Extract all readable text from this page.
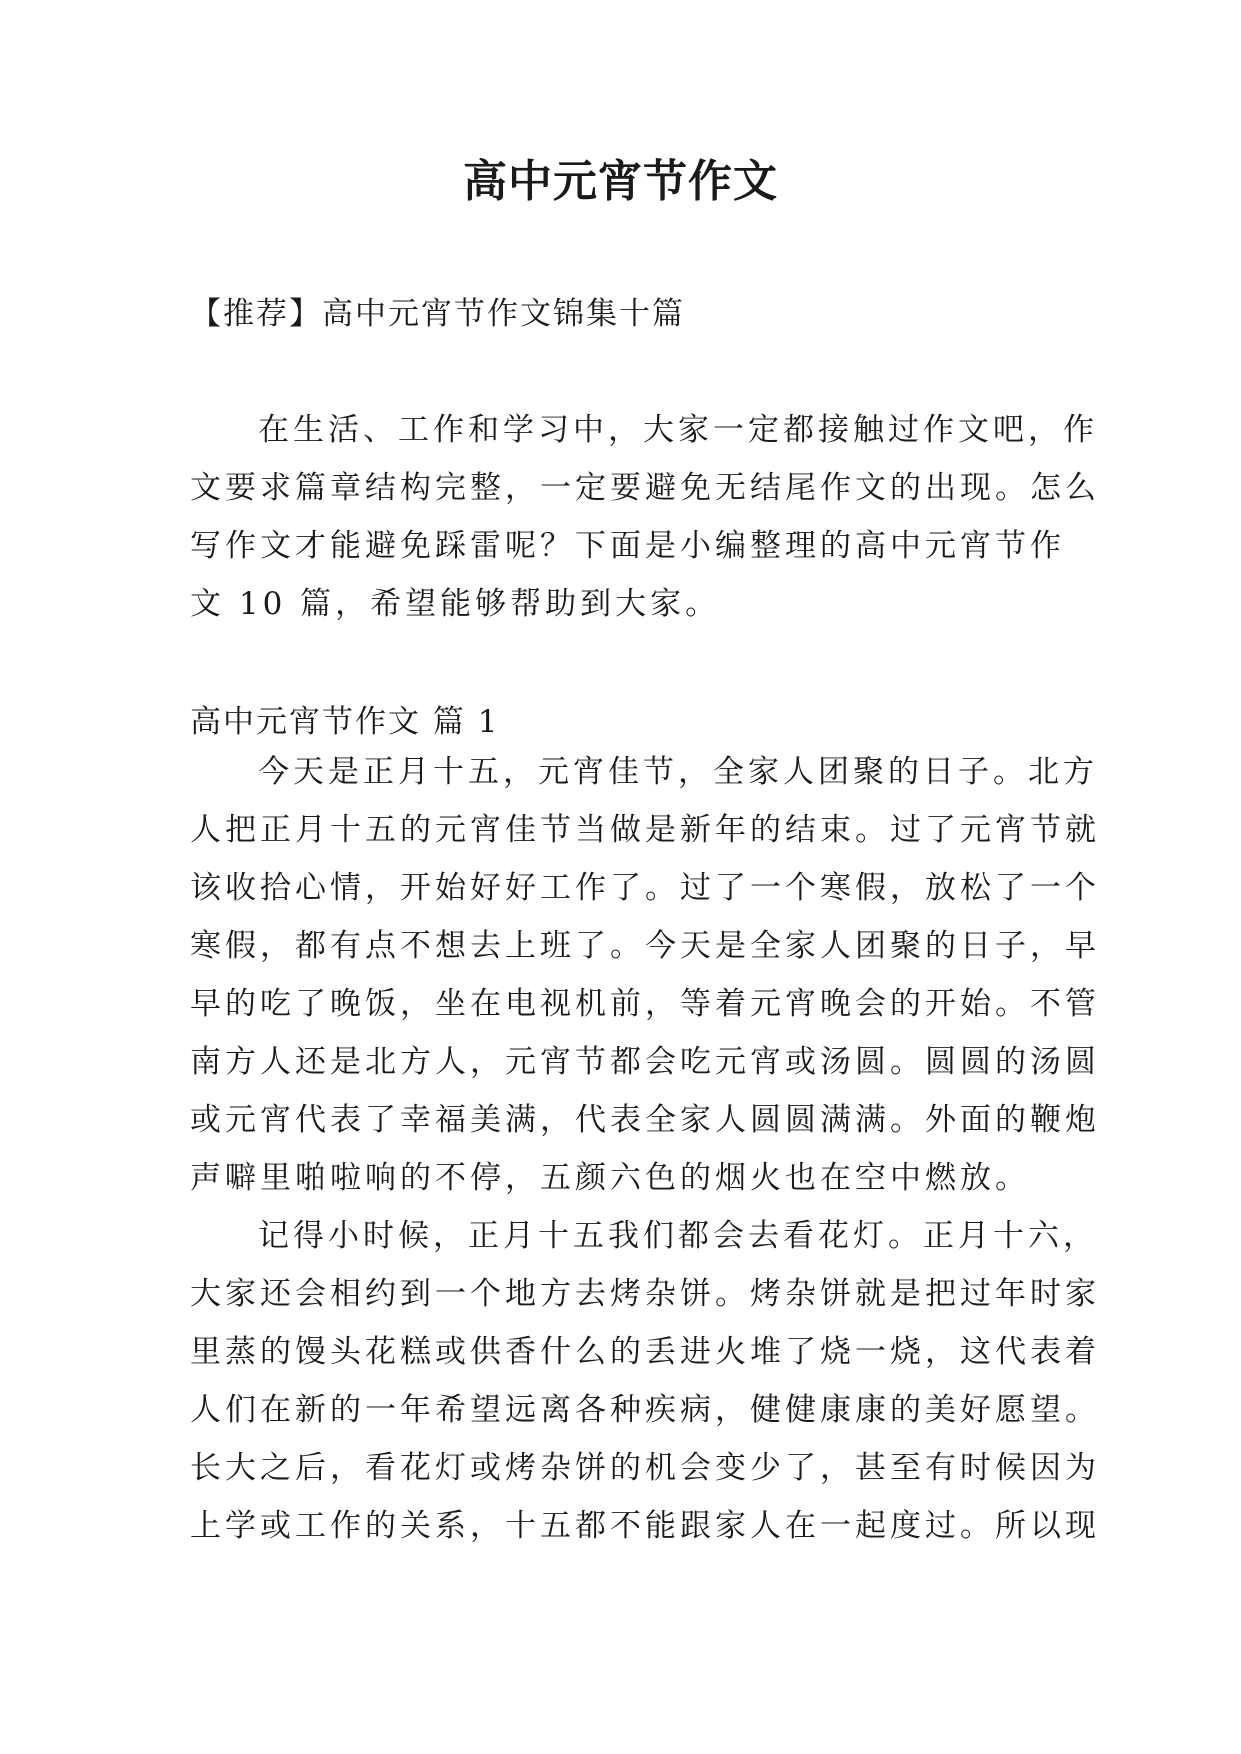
高中元宵节作文
【推荐】高中元宵节作文锦集十篇
在生活、工作和学习中，大家一定都接触过作文吧，作
文要求篇章结构完整，一定要避免无结尾作文的出现。怎么
写作文才能避免踩雷呢？下面是小编整理的高中元宵节作
文 10 篇，希望能够帮助到大家。
高中元宵节作文 篇 1
今天是正月十五，元宵佳节，全家人团聚的日子。北方
人把正月十五的元宵佳节当做是新年的结束。过了元宵节就
该收拾心情，开始好好工作了。过了一个寒假，放松了一个
寒假，都有点不想去上班了。今天是全家人团聚的日子，早
早的吃了晚饭，坐在电视机前，等着元宵晚会的开始。不管
南方人还是北方人，元宵节都会吃元宵或汤圆。圆圆的汤圆
或元宵代表了幸福美满，代表全家人圆圆满满。外面的鞭炮
声噼里啪啦响的不停，五颜六色的烟火也在空中燃放。
记得小时候，正月十五我们都会去看花灯。正月十六，
大家还会相约到一个地方去烤杂饼。烤杂饼就是把过年时家
里蒸的馒头花糕或供香什么的丢进火堆了烧一烧，这代表着
人们在新的一年希望远离各种疾病，健健康康的美好愿望。
长大之后，看花灯或烤杂饼的机会变少了，甚至有时候因为
上学或工作的关系，十五都不能跟家人在一起度过。所以现
